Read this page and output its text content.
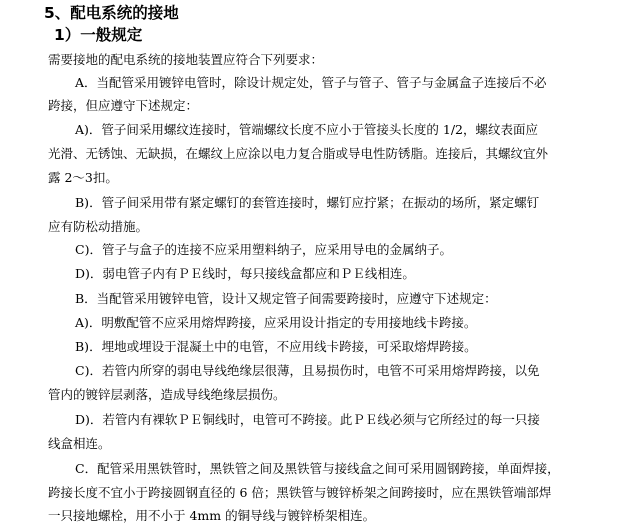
5、配电系统的接地
1）一般规定

需要接地的配电系统的接地装置应符合下列要求：

A．当配管采用镀锌电管时，除设计规定处，管子与管子、管子与金属盒子连接后不必

跨接，但应遵守下述规定：

A)．管子间采用螺纹连接时，管端螺纹长度不应小于管接头长度的 1/2，螺纹表面应

光滑、无锈蚀、无缺损，在螺纹上应涂以电力复合脂或导电性防锈脂。连接后，其螺纹宜外

露 2～3扣。

B)．管子间采用带有紧定螺钉的套管连接时，螺钉应拧紧；在振动的场所，紧定螺钉

应有防松动措施。

C)．管子与盒子的连接不应采用塑料纳子，应采用导电的金属纳子。

D)．弱电管子内有ＰＥ线时，每只接线盒都应和ＰＥ线相连。

B．当配管采用镀锌电管，设计又规定管子间需要跨接时，应遵守下述规定：

A)．明敷配管不应采用熔焊跨接，应采用设计指定的专用接地线卡跨接。

B)．埋地或埋设于混凝土中的电管，不应用线卡跨接，可采取熔焊跨接。

C)．若管内所穿的弱电导线绝缘层很薄，且易损伤时，电管不可采用熔焊跨接，以免

管内的镀锌层剥落，造成导线绝缘层损伤。

D)．若管内有裸软ＰＥ铜线时，电管可不跨接。此ＰＥ线必须与它所经过的每一只接

线盒相连。

C．配管采用黑铁管时，黑铁管之间及黑铁管与接线盒之间可采用圆钢跨接，单面焊接，

跨接长度不宜小于跨接圆钢直径的 6 倍；黑铁管与镀锌桥架之间跨接时，应在黑铁管端部焊

一只接地螺栓，用不小于 4mm 的铜导线与镀锌桥架相连。
